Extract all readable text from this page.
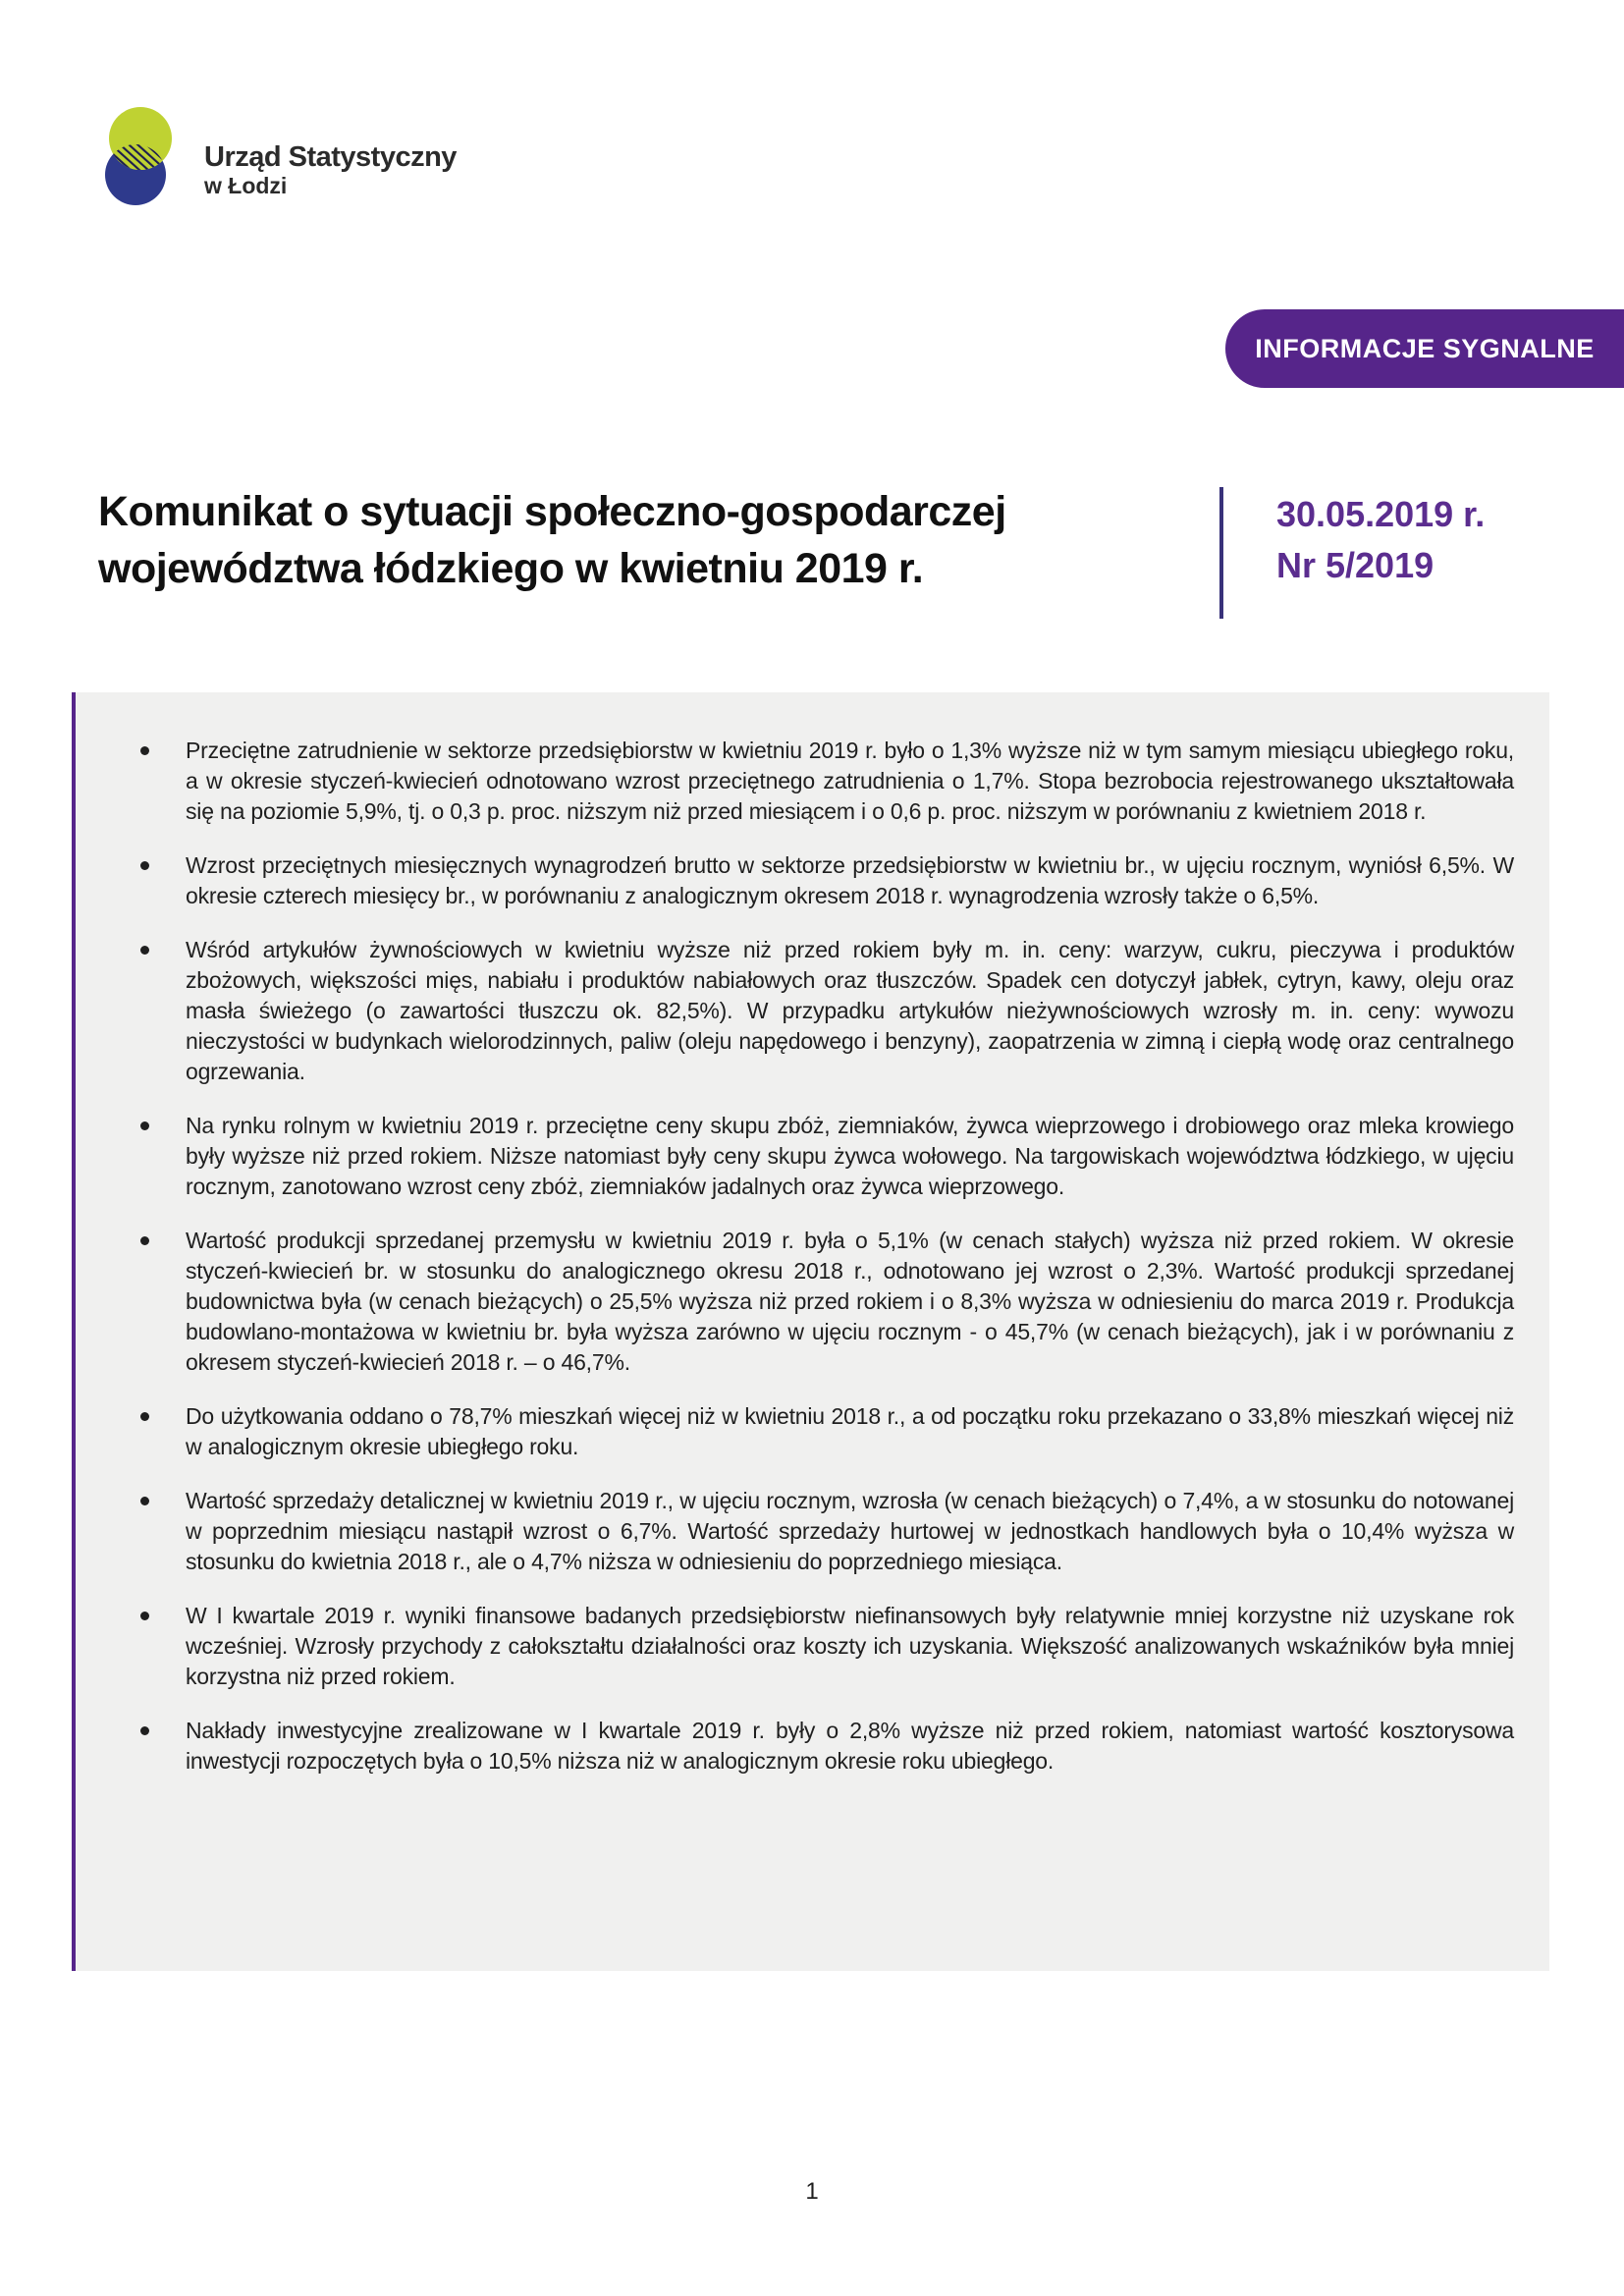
Urząd Statystyczny
w Łodzi
INFORMACJE SYGNALNE
Komunikat o sytuacji społeczno-gospodarczej
województwa łódzkiego w kwietniu 2019 r.
30.05.2019 r.
Nr 5/2019
Przeciętne zatrudnienie w sektorze przedsiębiorstw w kwietniu 2019 r. było o 1,3% wyższe niż w tym samym miesiącu ubiegłego roku, a w okresie styczeń-kwiecień odnotowano wzrost przeciętnego zatrudnienia o 1,7%. Stopa bezrobocia rejestrowanego ukształtowała się na poziomie 5,9%, tj. o 0,3 p. proc. niższym niż przed miesiącem i o 0,6 p. proc. niższym w porównaniu z kwietniem 2018 r.
Wzrost przeciętnych miesięcznych wynagrodzeń brutto w sektorze przedsiębiorstw w kwietniu br., w ujęciu rocznym, wyniósł 6,5%. W okresie czterech miesięcy br., w porównaniu z analogicznym okresem 2018 r. wynagrodzenia wzrosły także o 6,5%.
Wśród artykułów żywnościowych w kwietniu wyższe niż przed rokiem były m. in. ceny: warzyw, cukru, pieczywa i produktów zbożowych, większości mięs, nabiału i produktów nabiałowych oraz tłuszczów. Spadek cen dotyczył jabłek, cytryn, kawy, oleju oraz masła świeżego (o zawartości tłuszczu ok. 82,5%). W przypadku artykułów nieżywnościowych wzrosły m. in. ceny: wywozu nieczystości w budynkach wielorodzinnych, paliw (oleju napędowego i benzyny), zaopatrzenia w zimną i ciepłą wodę oraz centralnego ogrzewania.
Na rynku rolnym w kwietniu 2019 r. przeciętne ceny skupu zbóż, ziemniaków, żywca wieprzowego i drobiowego oraz mleka krowiego były wyższe niż przed rokiem. Niższe natomiast były ceny skupu żywca wołowego. Na targowiskach województwa łódzkiego, w ujęciu rocznym, zanotowano wzrost ceny zbóż, ziemniaków jadalnych oraz żywca wieprzowego.
Wartość produkcji sprzedanej przemysłu w kwietniu 2019 r. była o 5,1% (w cenach stałych) wyższa niż przed rokiem. W okresie styczeń-kwiecień br. w stosunku do analogicznego okresu 2018 r., odnotowano jej wzrost o 2,3%. Wartość produkcji sprzedanej budownictwa była (w cenach bieżących) o 25,5% wyższa niż przed rokiem i o 8,3% wyższa w odniesieniu do marca 2019 r. Produkcja budowlano-montażowa w kwietniu br. była wyższa zarówno w ujęciu rocznym - o 45,7% (w cenach bieżących), jak i w porównaniu z okresem styczeń-kwiecień 2018 r. – o 46,7%.
Do użytkowania oddano o 78,7% mieszkań więcej niż w kwietniu 2018 r., a od początku roku przekazano o 33,8% mieszkań więcej niż w analogicznym okresie ubiegłego roku.
Wartość sprzedaży detalicznej w kwietniu 2019 r., w ujęciu rocznym, wzrosła (w cenach bieżących) o 7,4%, a w stosunku do notowanej w poprzednim miesiącu nastąpił wzrost o 6,7%. Wartość sprzedaży hurtowej w jednostkach handlowych była o 10,4% wyższa w stosunku do kwietnia 2018 r., ale o 4,7% niższa w odniesieniu do poprzedniego miesiąca.
W I kwartale 2019 r. wyniki finansowe badanych przedsiębiorstw niefinansowych były relatywnie mniej korzystne niż uzyskane rok wcześniej. Wzrosły przychody z całokształtu działalności oraz koszty ich uzyskania. Większość analizowanych wskaźników była mniej korzystna niż przed rokiem.
Nakłady inwestycyjne zrealizowane w I kwartale 2019 r. były o 2,8% wyższe niż przed rokiem, natomiast wartość kosztorysowa inwestycji rozpoczętych była o 10,5% niższa niż w analogicznym okresie roku ubiegłego.
1
